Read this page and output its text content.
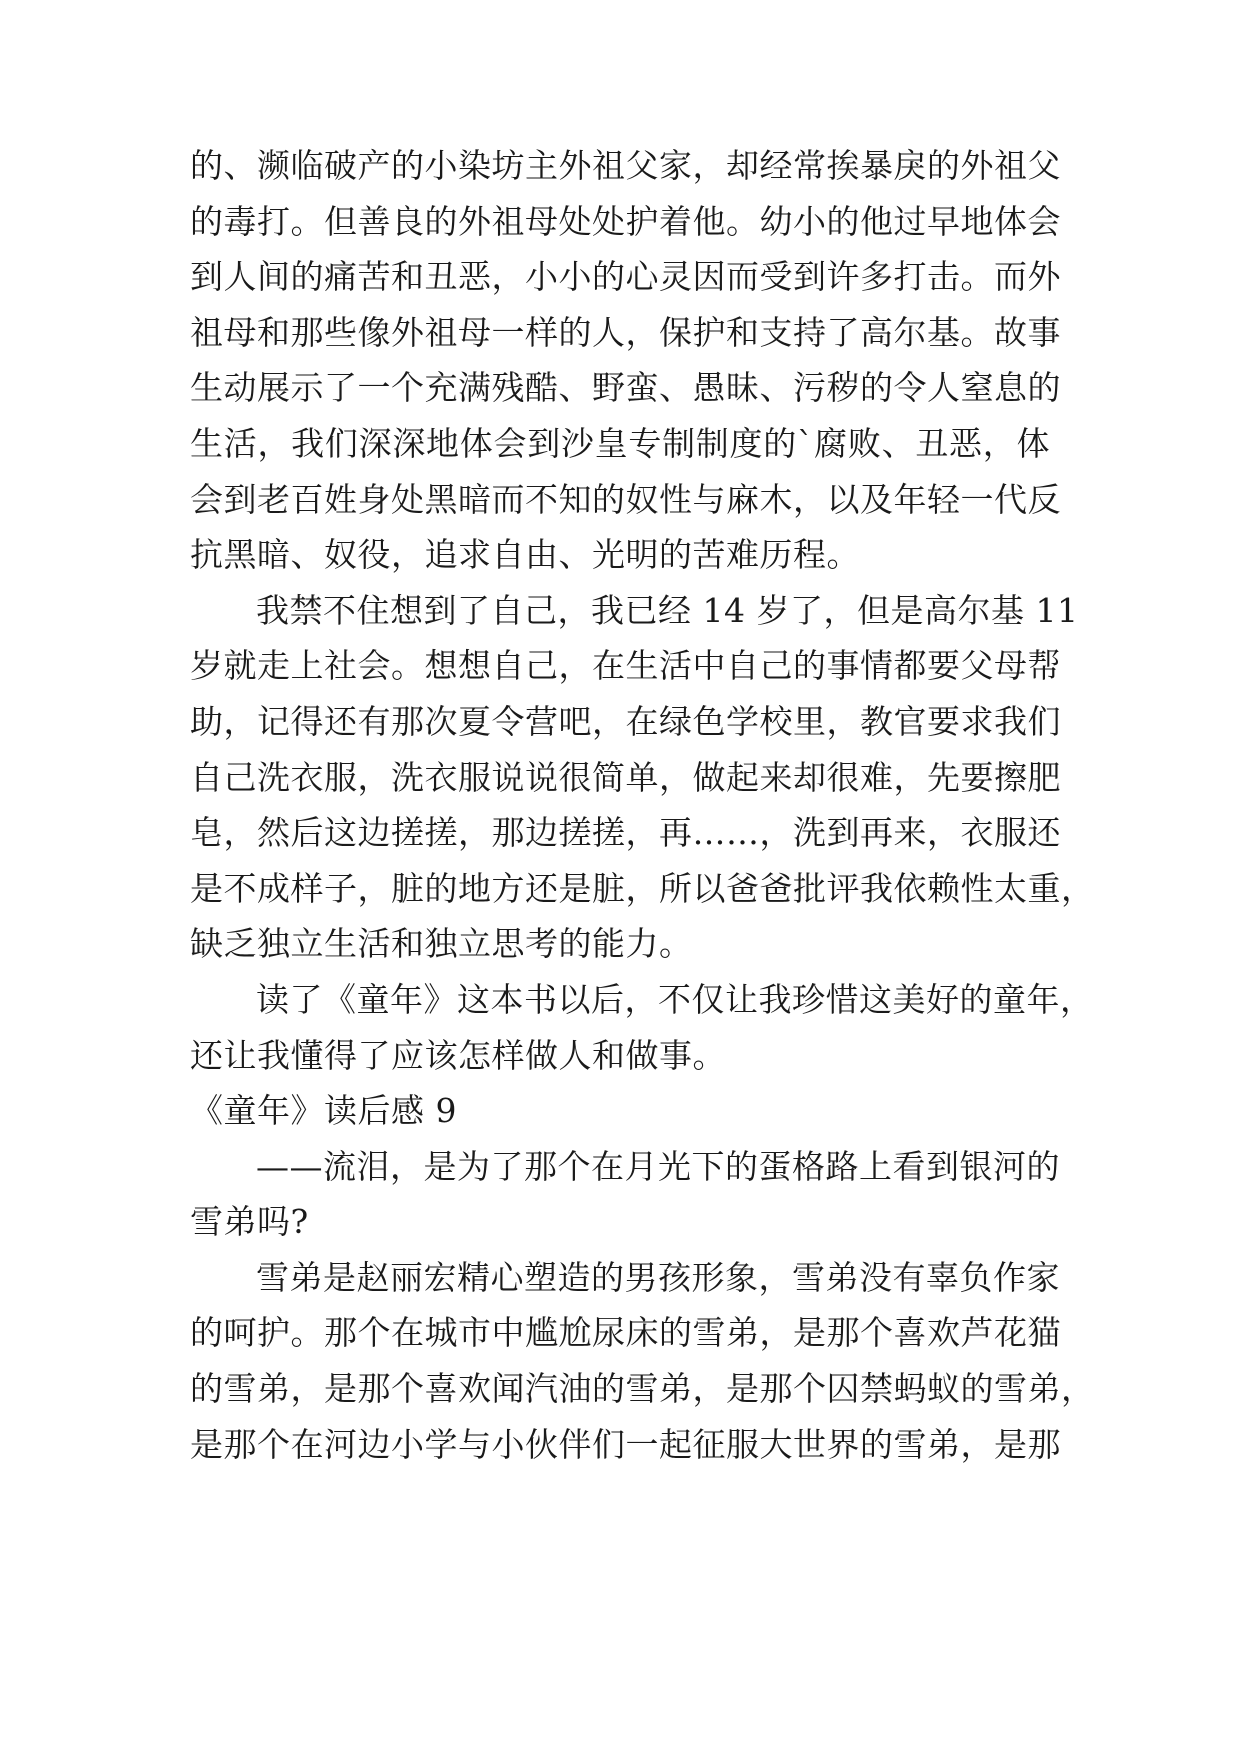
的、濒临破产的小染坊主外祖父家，却经常挨暴戾的外祖父
的毒打。但善良的外祖母处处护着他。幼小的他过早地体会
到人间的痛苦和丑恶，小小的心灵因而受到许多打击。而外
祖母和那些像外祖母一样的人，保护和支持了高尔基。故事
生动展示了一个充满残酷、野蛮、愚昧、污秽的令人窒息的
生活，我们深深地体会到沙皇专制制度的`腐败、丑恶，体
会到老百姓身处黑暗而不知的奴性与麻木，以及年轻一代反
抗黑暗、奴役，追求自由、光明的苦难历程。
我禁不住想到了自己，我已经 14 岁了，但是高尔基 11
岁就走上社会。想想自己，在生活中自己的事情都要父母帮
助，记得还有那次夏令营吧，在绿色学校里，教官要求我们
自己洗衣服，洗衣服说说很简单，做起来却很难，先要擦肥
皂，然后这边搓搓，那边搓搓，再……，洗到再来，衣服还
是不成样子，脏的地方还是脏，所以爸爸批评我依赖性太重，
缺乏独立生活和独立思考的能力。
读了《童年》这本书以后，不仅让我珍惜这美好的童年，
还让我懂得了应该怎样做人和做事。
《童年》读后感 9
——流泪，是为了那个在月光下的蛋格路上看到银河的
雪弟吗?
雪弟是赵丽宏精心塑造的男孩形象，雪弟没有辜负作家
的呵护。那个在城市中尴尬尿床的雪弟，是那个喜欢芦花猫
的雪弟，是那个喜欢闻汽油的雪弟，是那个囚禁蚂蚁的雪弟，
是那个在河边小学与小伙伴们一起征服大世界的雪弟，是那
